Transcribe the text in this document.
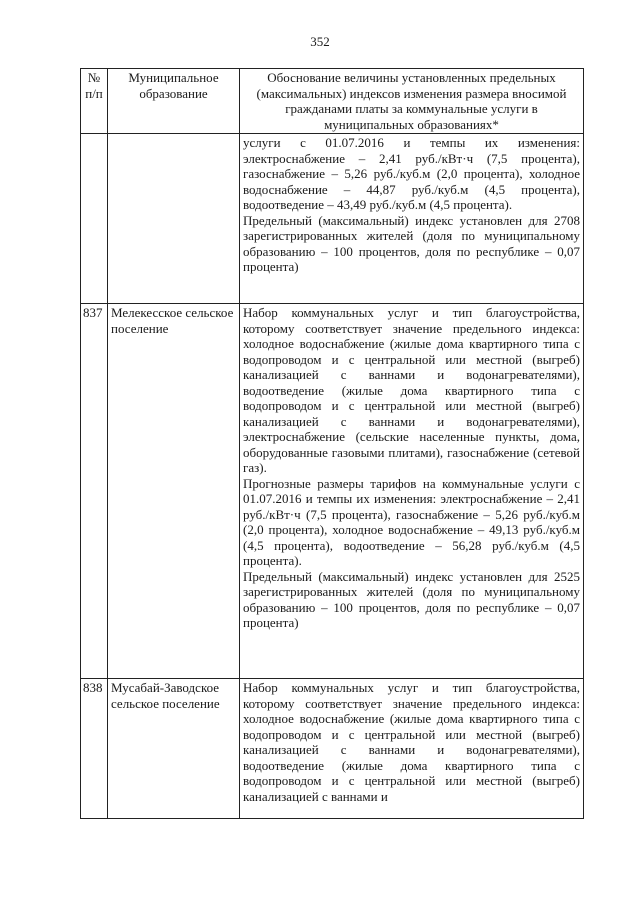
352
№ п/п	Муниципальное образование	Обоснование величины установленных предельных (максимальных) индексов изменения размера вносимой гражданами платы за коммунальные услуги в муниципальных образованиях*

		услуги с 01.07.2016 и темпы их изменения: электроснабжение – 2,41 руб./кВт·ч (7,5 процента), газоснабжение – 5,26 руб./куб.м (2,0 процента), холодное водоснабжение – 44,87 руб./куб.м (4,5 процента), водоотведение – 43,49 руб./куб.м (4,5 процента).
Предельный (максимальный) индекс установлен для 2708 зарегистрированных жителей (доля по муниципальному образованию – 100 процентов, доля по республике – 0,07 процента)

837	Мелекесское сельское поселение	Набор коммунальных услуг и тип благоустройства, которому соответствует значение предельного индекса: холодное водоснабжение (жилые дома квартирного типа с водопроводом и с центральной или местной (выгреб) канализацией с ваннами и водонагревателями), водоотведение (жилые дома квартирного типа с водопроводом и с центральной или местной (выгреб) канализацией с ваннами и водонагревателями), электроснабжение (сельские населенные пункты, дома, оборудованные газовыми плитами), газоснабжение (сетевой газ).
Прогнозные размеры тарифов на коммунальные услуги с 01.07.2016 и темпы их изменения: электроснабжение – 2,41 руб./кВт·ч (7,5 процента), газоснабжение – 5,26 руб./куб.м (2,0 процента), холодное водоснабжение – 49,13 руб./куб.м (4,5 процента), водоотведение – 56,28 руб./куб.м (4,5 процента).
Предельный (максимальный) индекс установлен для 2525 зарегистрированных жителей (доля по муниципальному образованию – 100 процентов, доля по республике – 0,07 процента)

838	Мусабай-Заводское сельское поселение	Набор коммунальных услуг и тип благоустройства, которому соответствует значение предельного индекса: холодное водоснабжение (жилые дома квартирного типа с водопроводом и с центральной или местной (выгреб) канализацией с ваннами и водонагревателями), водоотведение (жилые дома квартирного типа с водопроводом и с центральной или местной (выгреб) канализацией с ваннами и
